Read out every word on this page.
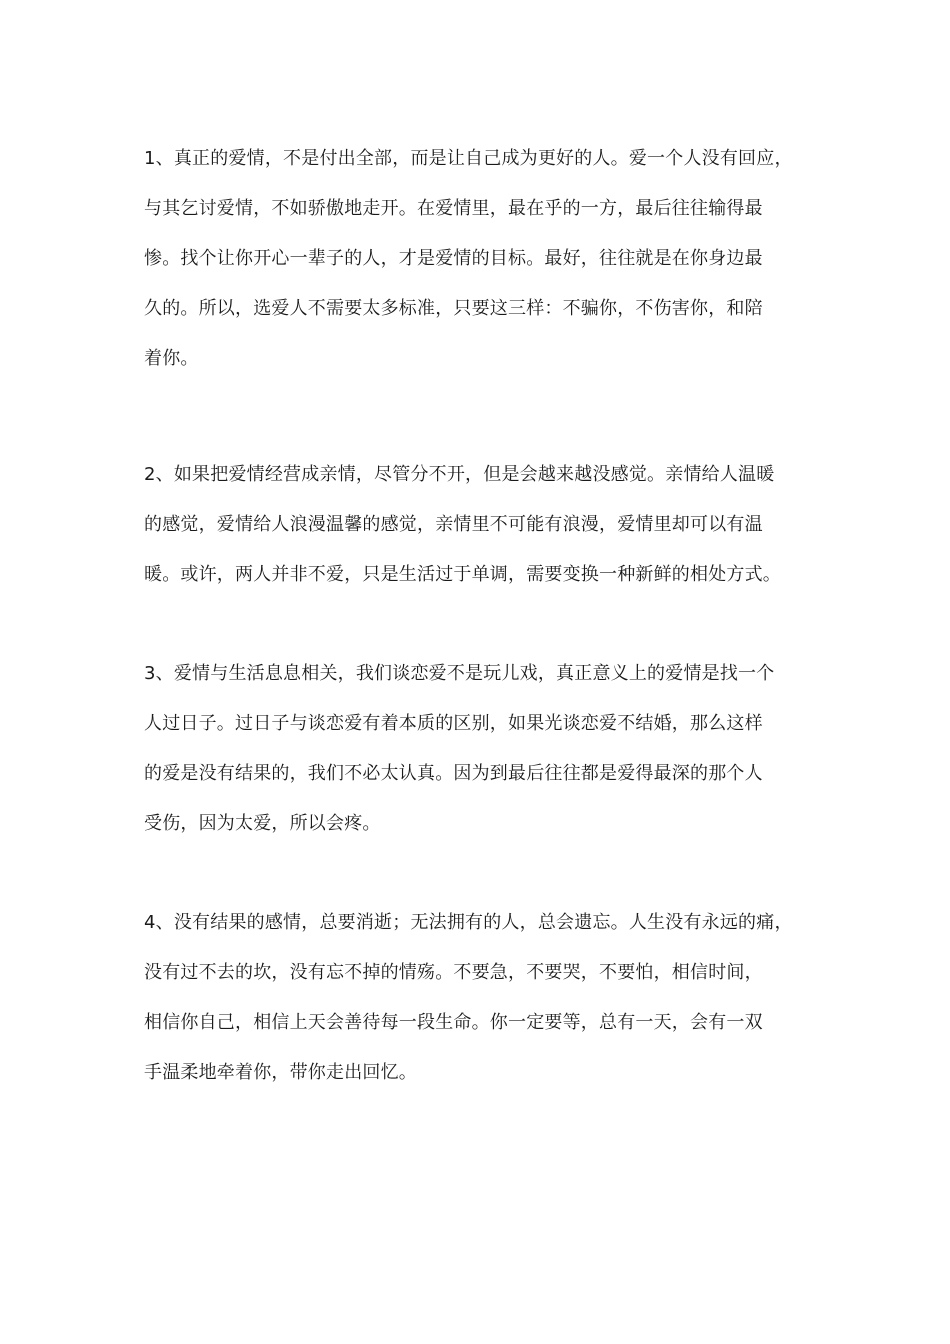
1、真正的爱情，不是付出全部，而是让自己成为更好的人。爱一个人没有回应，
与其乞讨爱情，不如骄傲地走开。在爱情里，最在乎的一方，最后往往输得最
惨。找个让你开心一辈子的人，才是爱情的目标。最好，往往就是在你身边最
久的。所以，选爱人不需要太多标准，只要这三样：不骗你，不伤害你，和陪
着你。
2、如果把爱情经营成亲情，尽管分不开，但是会越来越没感觉。亲情给人温暖
的感觉，爱情给人浪漫温馨的感觉，亲情里不可能有浪漫，爱情里却可以有温
暖。或许，两人并非不爱，只是生活过于单调，需要变换一种新鲜的相处方式。
3、爱情与生活息息相关，我们谈恋爱不是玩儿戏，真正意义上的爱情是找一个
人过日子。过日子与谈恋爱有着本质的区别，如果光谈恋爱不结婚，那么这样
的爱是没有结果的，我们不必太认真。因为到最后往往都是爱得最深的那个人
受伤，因为太爱，所以会疼。
4、没有结果的感情，总要消逝；无法拥有的人，总会遗忘。人生没有永远的痛，
没有过不去的坎，没有忘不掉的情殇。不要急，不要哭，不要怕，相信时间，
相信你自己，相信上天会善待每一段生命。你一定要等，总有一天，会有一双
手温柔地牵着你，带你走出回忆。
